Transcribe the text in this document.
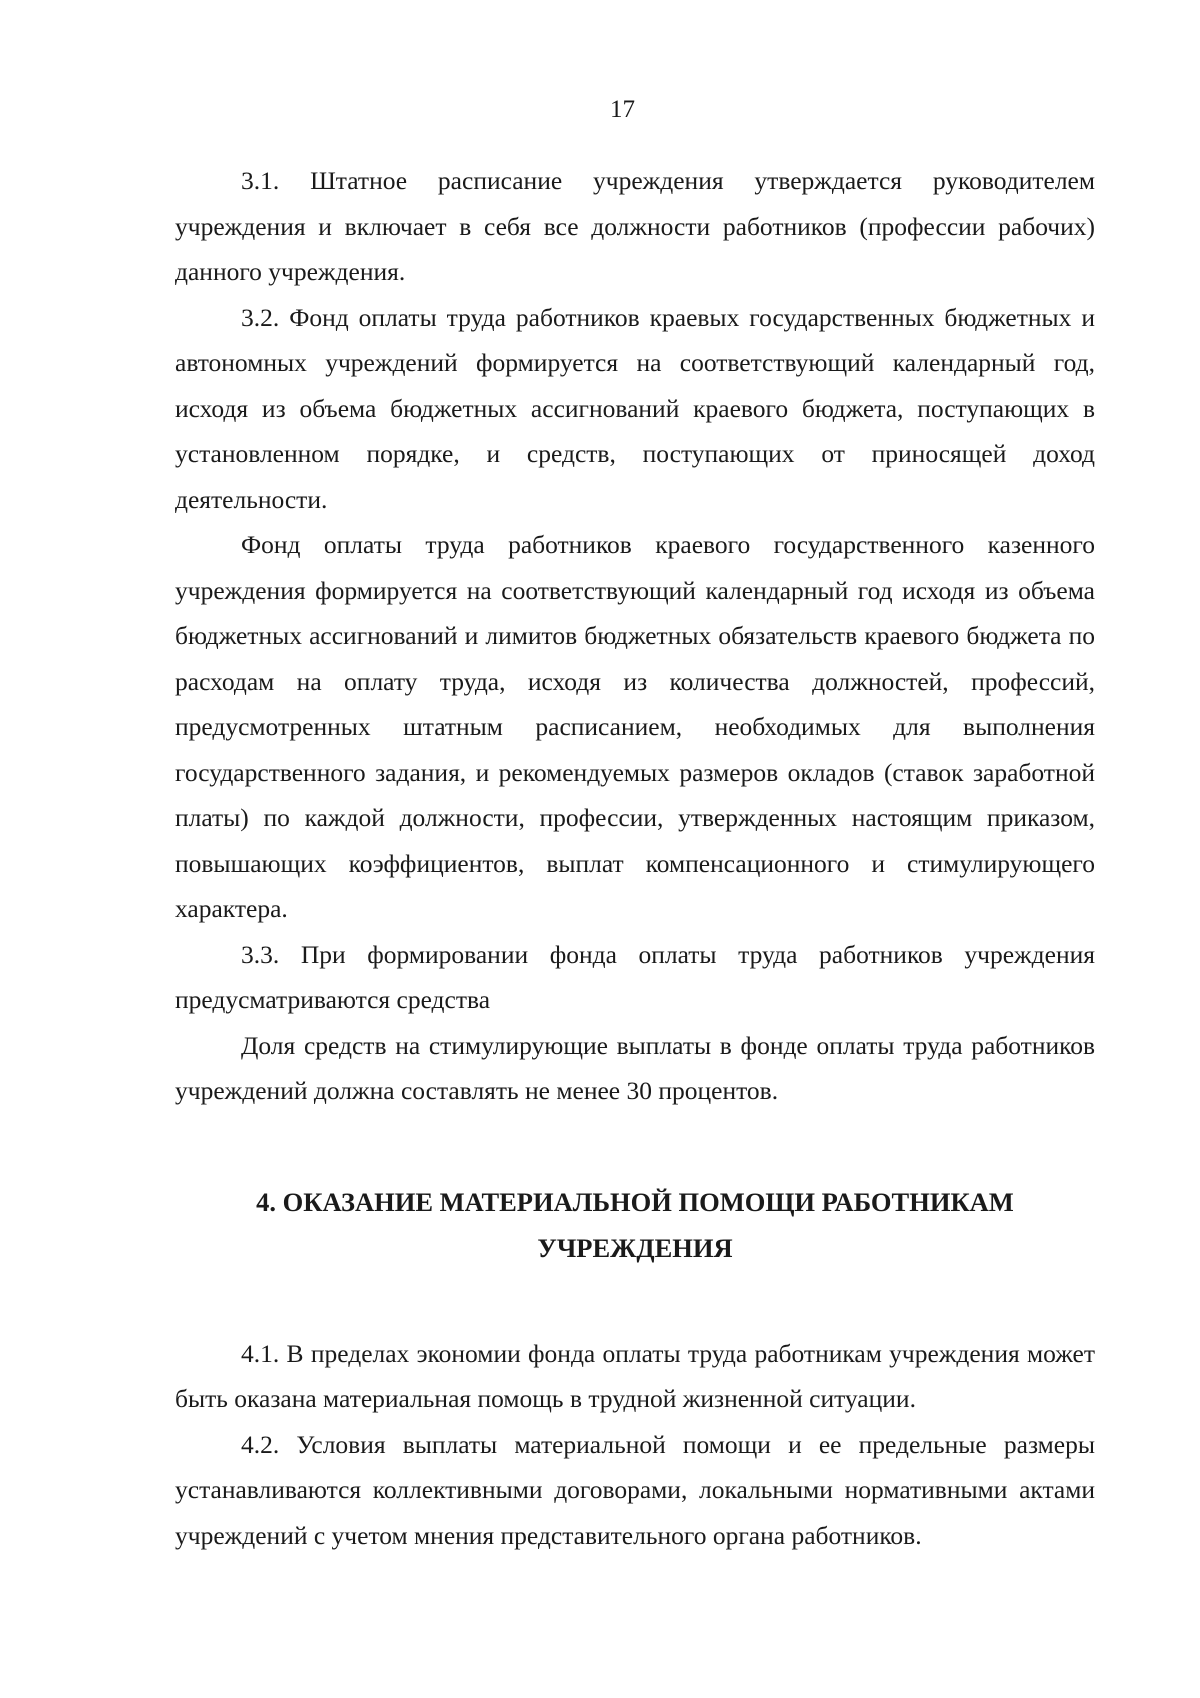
17

3.1. Штатное расписание учреждения утверждается руководителем учреждения и включает в себя все должности работников (профессии рабочих) данного учреждения.

3.2. Фонд оплаты труда работников краевых государственных бюджетных и автономных учреждений формируется на соответствующий календарный год, исходя из объема бюджетных ассигнований краевого бюджета, поступающих в установленном порядке, и средств, поступающих от приносящей доход деятельности.

Фонд оплаты труда работников краевого государственного казенного учреждения формируется на соответствующий календарный год исходя из объема бюджетных ассигнований и лимитов бюджетных обязательств краевого бюджета по расходам на оплату труда, исходя из количества должностей, профессий, предусмотренных штатным расписанием, необходимых для выполнения государственного задания, и рекомендуемых размеров окладов (ставок заработной платы) по каждой должности, профессии, утвержденных настоящим приказом, повышающих коэффициентов, выплат компенсационного и стимулирующего характера.

3.3. При формировании фонда оплаты труда работников учреждения предусматриваются средства

Доля средств на стимулирующие выплаты в фонде оплаты труда работников учреждений должна составлять не менее 30 процентов.

4. ОКАЗАНИЕ МАТЕРИАЛЬНОЙ ПОМОЩИ РАБОТНИКАМ
УЧРЕЖДЕНИЯ

4.1. В пределах экономии фонда оплаты труда работникам учреждения может быть оказана материальная помощь в трудной жизненной ситуации.

4.2. Условия выплаты материальной помощи и ее предельные размеры устанавливаются коллективными договорами, локальными нормативными актами учреждений с учетом мнения представительного органа работников.
